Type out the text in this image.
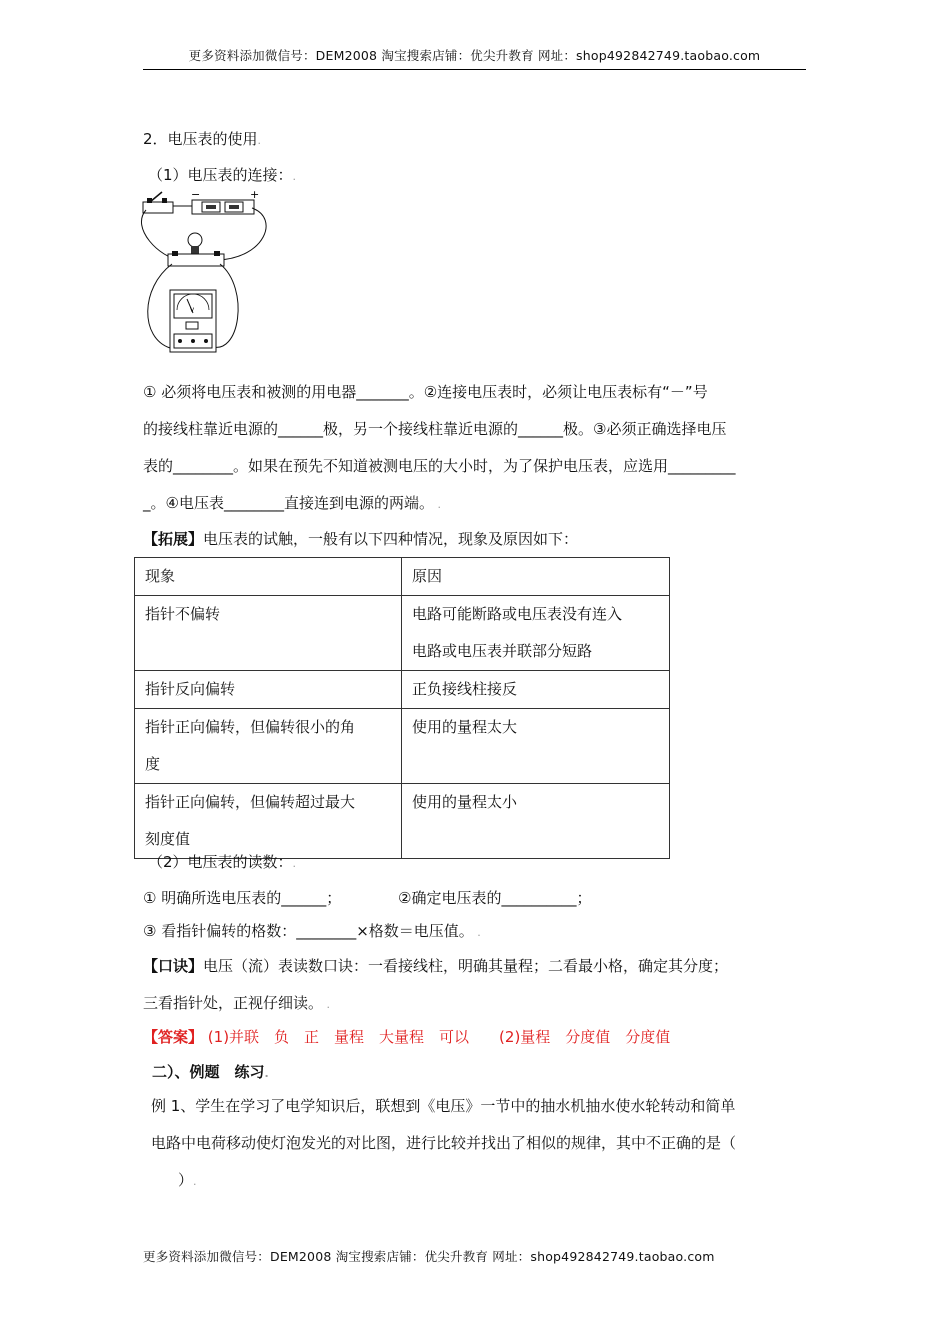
更多资料添加微信号：DEM2008 淘宝搜索店铺：优尖升教育 网址：shop492842749.taobao.com
2．电压表的使用.
（1）电压表的连接：.
−	+
V
① 必须将电压表和被测的用电器_______。②连接电压表时，必须让电压表标有“－”号
的接线柱靠近电源的______极，另一个接线柱靠近电源的______极。③必须正确选择电压
表的________。如果在预先不知道被测电压的大小时，为了保护电压表，应选用_________
_。④电压表________直接连到电源的两端。 .
【拓展】电压表的试触，一般有以下四种情况，现象及原因如下：
现象	原因

指针不偏转	电路可能断路或电压表没有连入
电路或电压表并联部分短路

指针反向偏转	正负接线柱接反

指针正向偏转，但偏转很小的角
度	使用的量程太大

指针正向偏转，但偏转超过最大
刻度值	使用的量程太小
（2）电压表的读数：.
① 明确所选电压表的______；	②确定电压表的__________；
③ 看指针偏转的格数：________×格数＝电压值。 .
【口诀】电压（流）表读数口诀：一看接线柱，明确其量程；二看最小格，确定其分度；
三看指针处，正视仔细读。 .
【答案】 (1)并联　负　正　量程　大量程　可以　　(2)量程　分度值　分度值
二）、例题　练习.
例 1、学生在学习了电学知识后，联想到《电压》一节中的抽水机抽水使水轮转动和简单
电路中电荷移动使灯泡发光的对比图，进行比较并找出了相似的规律，其中不正确的是（
）.
更多资料添加微信号：DEM2008 淘宝搜索店铺：优尖升教育 网址：shop492842749.taobao.com
